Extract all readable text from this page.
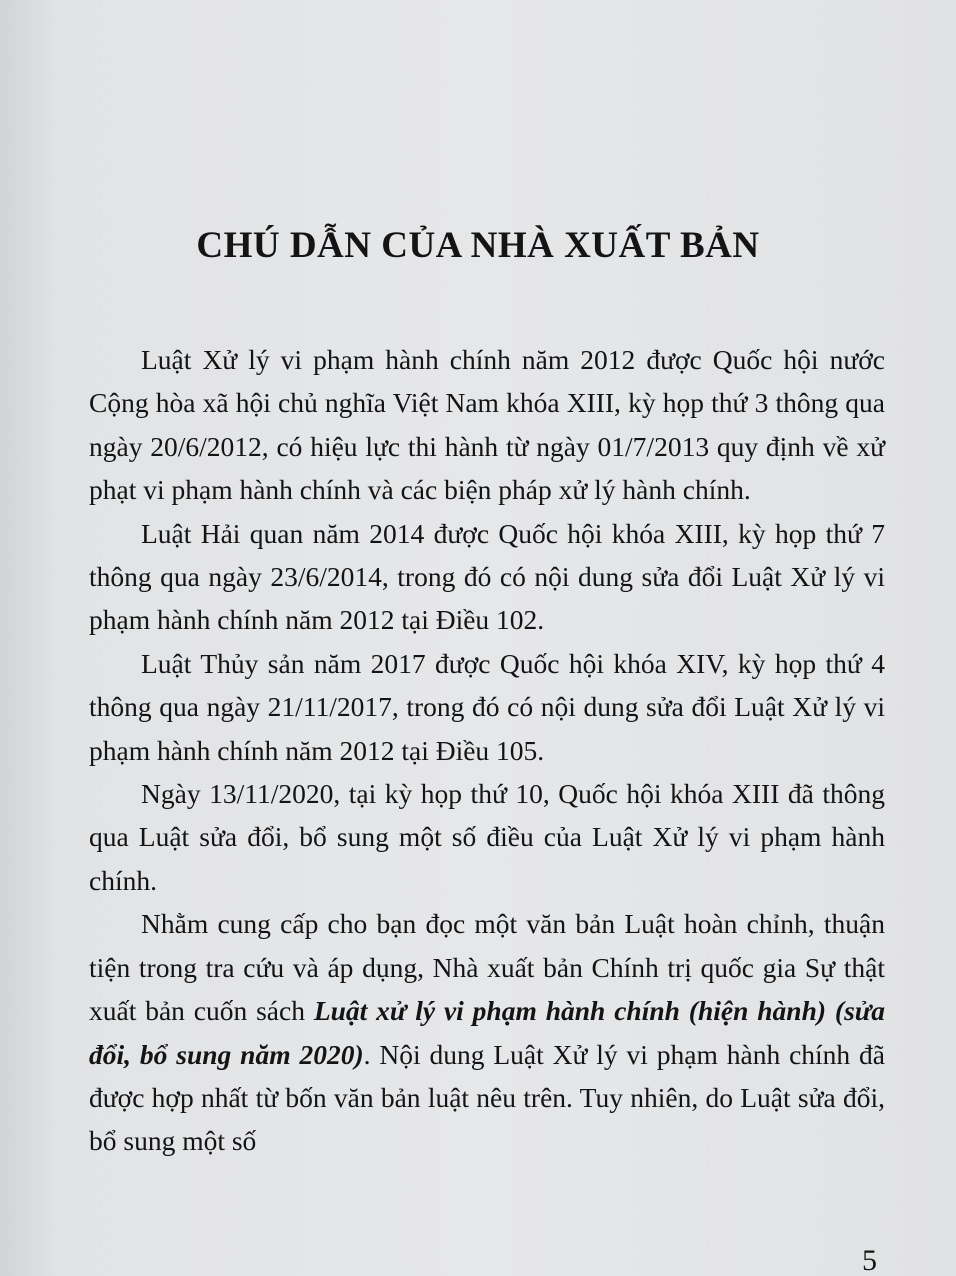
CHÚ DẪN CỦA NHÀ XUẤT BẢN

Luật Xử lý vi phạm hành chính năm 2012 được Quốc hội nước Cộng hòa xã hội chủ nghĩa Việt Nam khóa XIII, kỳ họp thứ 3 thông qua ngày 20/6/2012, có hiệu lực thi hành từ ngày 01/7/2013 quy định về xử phạt vi phạm hành chính và các biện pháp xử lý hành chính.

Luật Hải quan năm 2014 được Quốc hội khóa XIII, kỳ họp thứ 7 thông qua ngày 23/6/2014, trong đó có nội dung sửa đổi Luật Xử lý vi phạm hành chính năm 2012 tại Điều 102.

Luật Thủy sản năm 2017 được Quốc hội khóa XIV, kỳ họp thứ 4 thông qua ngày 21/11/2017, trong đó có nội dung sửa đổi Luật Xử lý vi phạm hành chính năm 2012 tại Điều 105.

Ngày 13/11/2020, tại kỳ họp thứ 10, Quốc hội khóa XIII đã thông qua Luật sửa đổi, bổ sung một số điều của Luật Xử lý vi phạm hành chính.

Nhằm cung cấp cho bạn đọc một văn bản Luật hoàn chỉnh, thuận tiện trong tra cứu và áp dụng, Nhà xuất bản Chính trị quốc gia Sự thật xuất bản cuốn sách Luật xử lý vi phạm hành chính (hiện hành) (sửa đổi, bổ sung năm 2020). Nội dung Luật Xử lý vi phạm hành chính đã được hợp nhất từ bốn văn bản luật nêu trên. Tuy nhiên, do Luật sửa đổi, bổ sung một số

5
